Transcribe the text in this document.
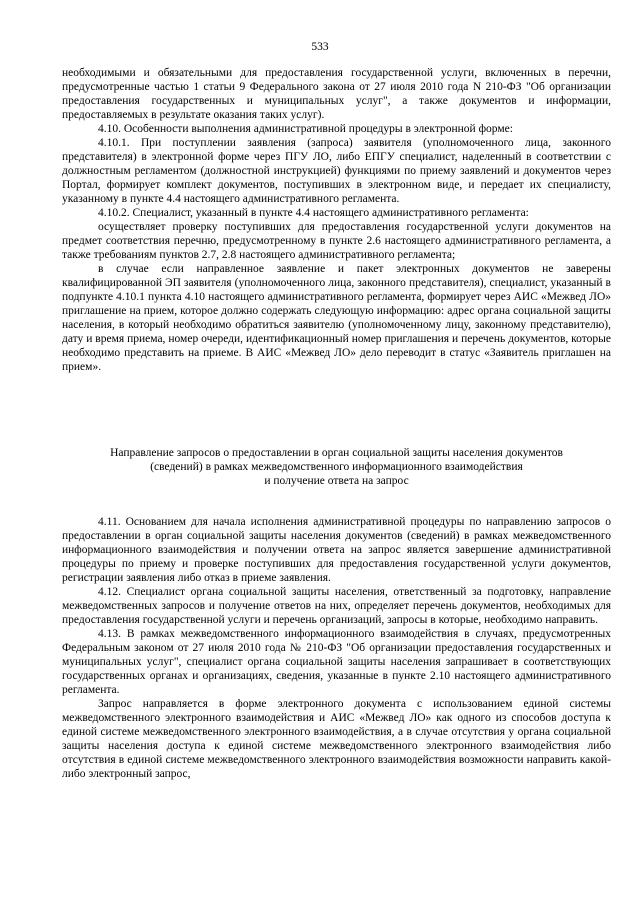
533

необходимыми и обязательными для предоставления государственной услуги, включенных в перечни, предусмотренные частью 1 статьи 9 Федерального закона от 27 июля 2010 года N 210-ФЗ "Об организации предоставления государственных и муниципальных услуг", а также документов и информации, предоставляемых в результате оказания таких услуг).

4.10. Особенности выполнения административной процедуры в электронной форме:

4.10.1. При поступлении заявления (запроса) заявителя (уполномоченного лица, законного представителя) в электронной форме через ПГУ ЛО, либо ЕПГУ специалист, наделенный в соответствии с должностным регламентом (должностной инструкцией) функциями по приему заявлений и документов через Портал, формирует комплект документов, поступивших в электронном виде, и передает их специалисту, указанному в пункте 4.4 настоящего административного регламента.

4.10.2. Специалист, указанный в пункте 4.4 настоящего административного регламента:

осуществляет проверку поступивших для предоставления государственной услуги документов на предмет соответствия перечню, предусмотренному в пункте 2.6 настоящего административного регламента, а также требованиям пунктов 2.7, 2.8 настоящего административного регламента;

в случае если направленное заявление и пакет электронных документов не заверены квалифицированной ЭП заявителя (уполномоченного лица, законного представителя), специалист, указанный в подпункте 4.10.1 пункта 4.10 настоящего административного регламента, формирует через АИС «Межвед ЛО» приглашение на прием, которое должно содержать следующую информацию: адрес органа социальной защиты населения, в который необходимо обратиться заявителю (уполномоченному лицу, законному представителю), дату и время приема, номер очереди, идентификационный номер приглашения и перечень документов, которые необходимо представить на приеме. В АИС «Межвед ЛО» дело переводит в статус «Заявитель приглашен на прием».

Направление запросов о предоставлении в орган социальной защиты населения документов

(сведений) в рамках межведомственного информационного взаимодействия

и получение ответа на запрос

4.11. Основанием для начала исполнения административной процедуры по направлению запросов о предоставлении в орган социальной защиты населения документов (сведений) в рамках межведомственного информационного взаимодействия и получении ответа на запрос является завершение административной процедуры по приему и проверке поступивших для предоставления государственной услуги документов, регистрации заявления либо отказ в приеме заявления.

4.12. Специалист органа социальной защиты населения, ответственный за подготовку, направление межведомственных запросов и получение ответов на них, определяет перечень документов, необходимых для предоставления государственной услуги и перечень организаций, запросы в которые, необходимо направить.

4.13. В рамках межведомственного информационного взаимодействия в случаях, предусмотренных Федеральным законом от 27 июля 2010 года № 210-ФЗ "Об организации предоставления государственных и муниципальных услуг", специалист органа социальной защиты населения запрашивает в соответствующих государственных органах и организациях, сведения, указанные в пункте 2.10 настоящего административного регламента.

Запрос направляется в форме электронного документа с использованием единой системы межведомственного электронного взаимодействия и АИС «Межвед ЛО» как одного из способов доступа к единой системе межведомственного электронного взаимодействия, а в случае отсутствия у органа социальной защиты населения доступа к единой системе межведомственного электронного взаимодействия либо отсутствия в единой системе межведомственного электронного взаимодействия возможности направить какой-либо электронный запрос,
